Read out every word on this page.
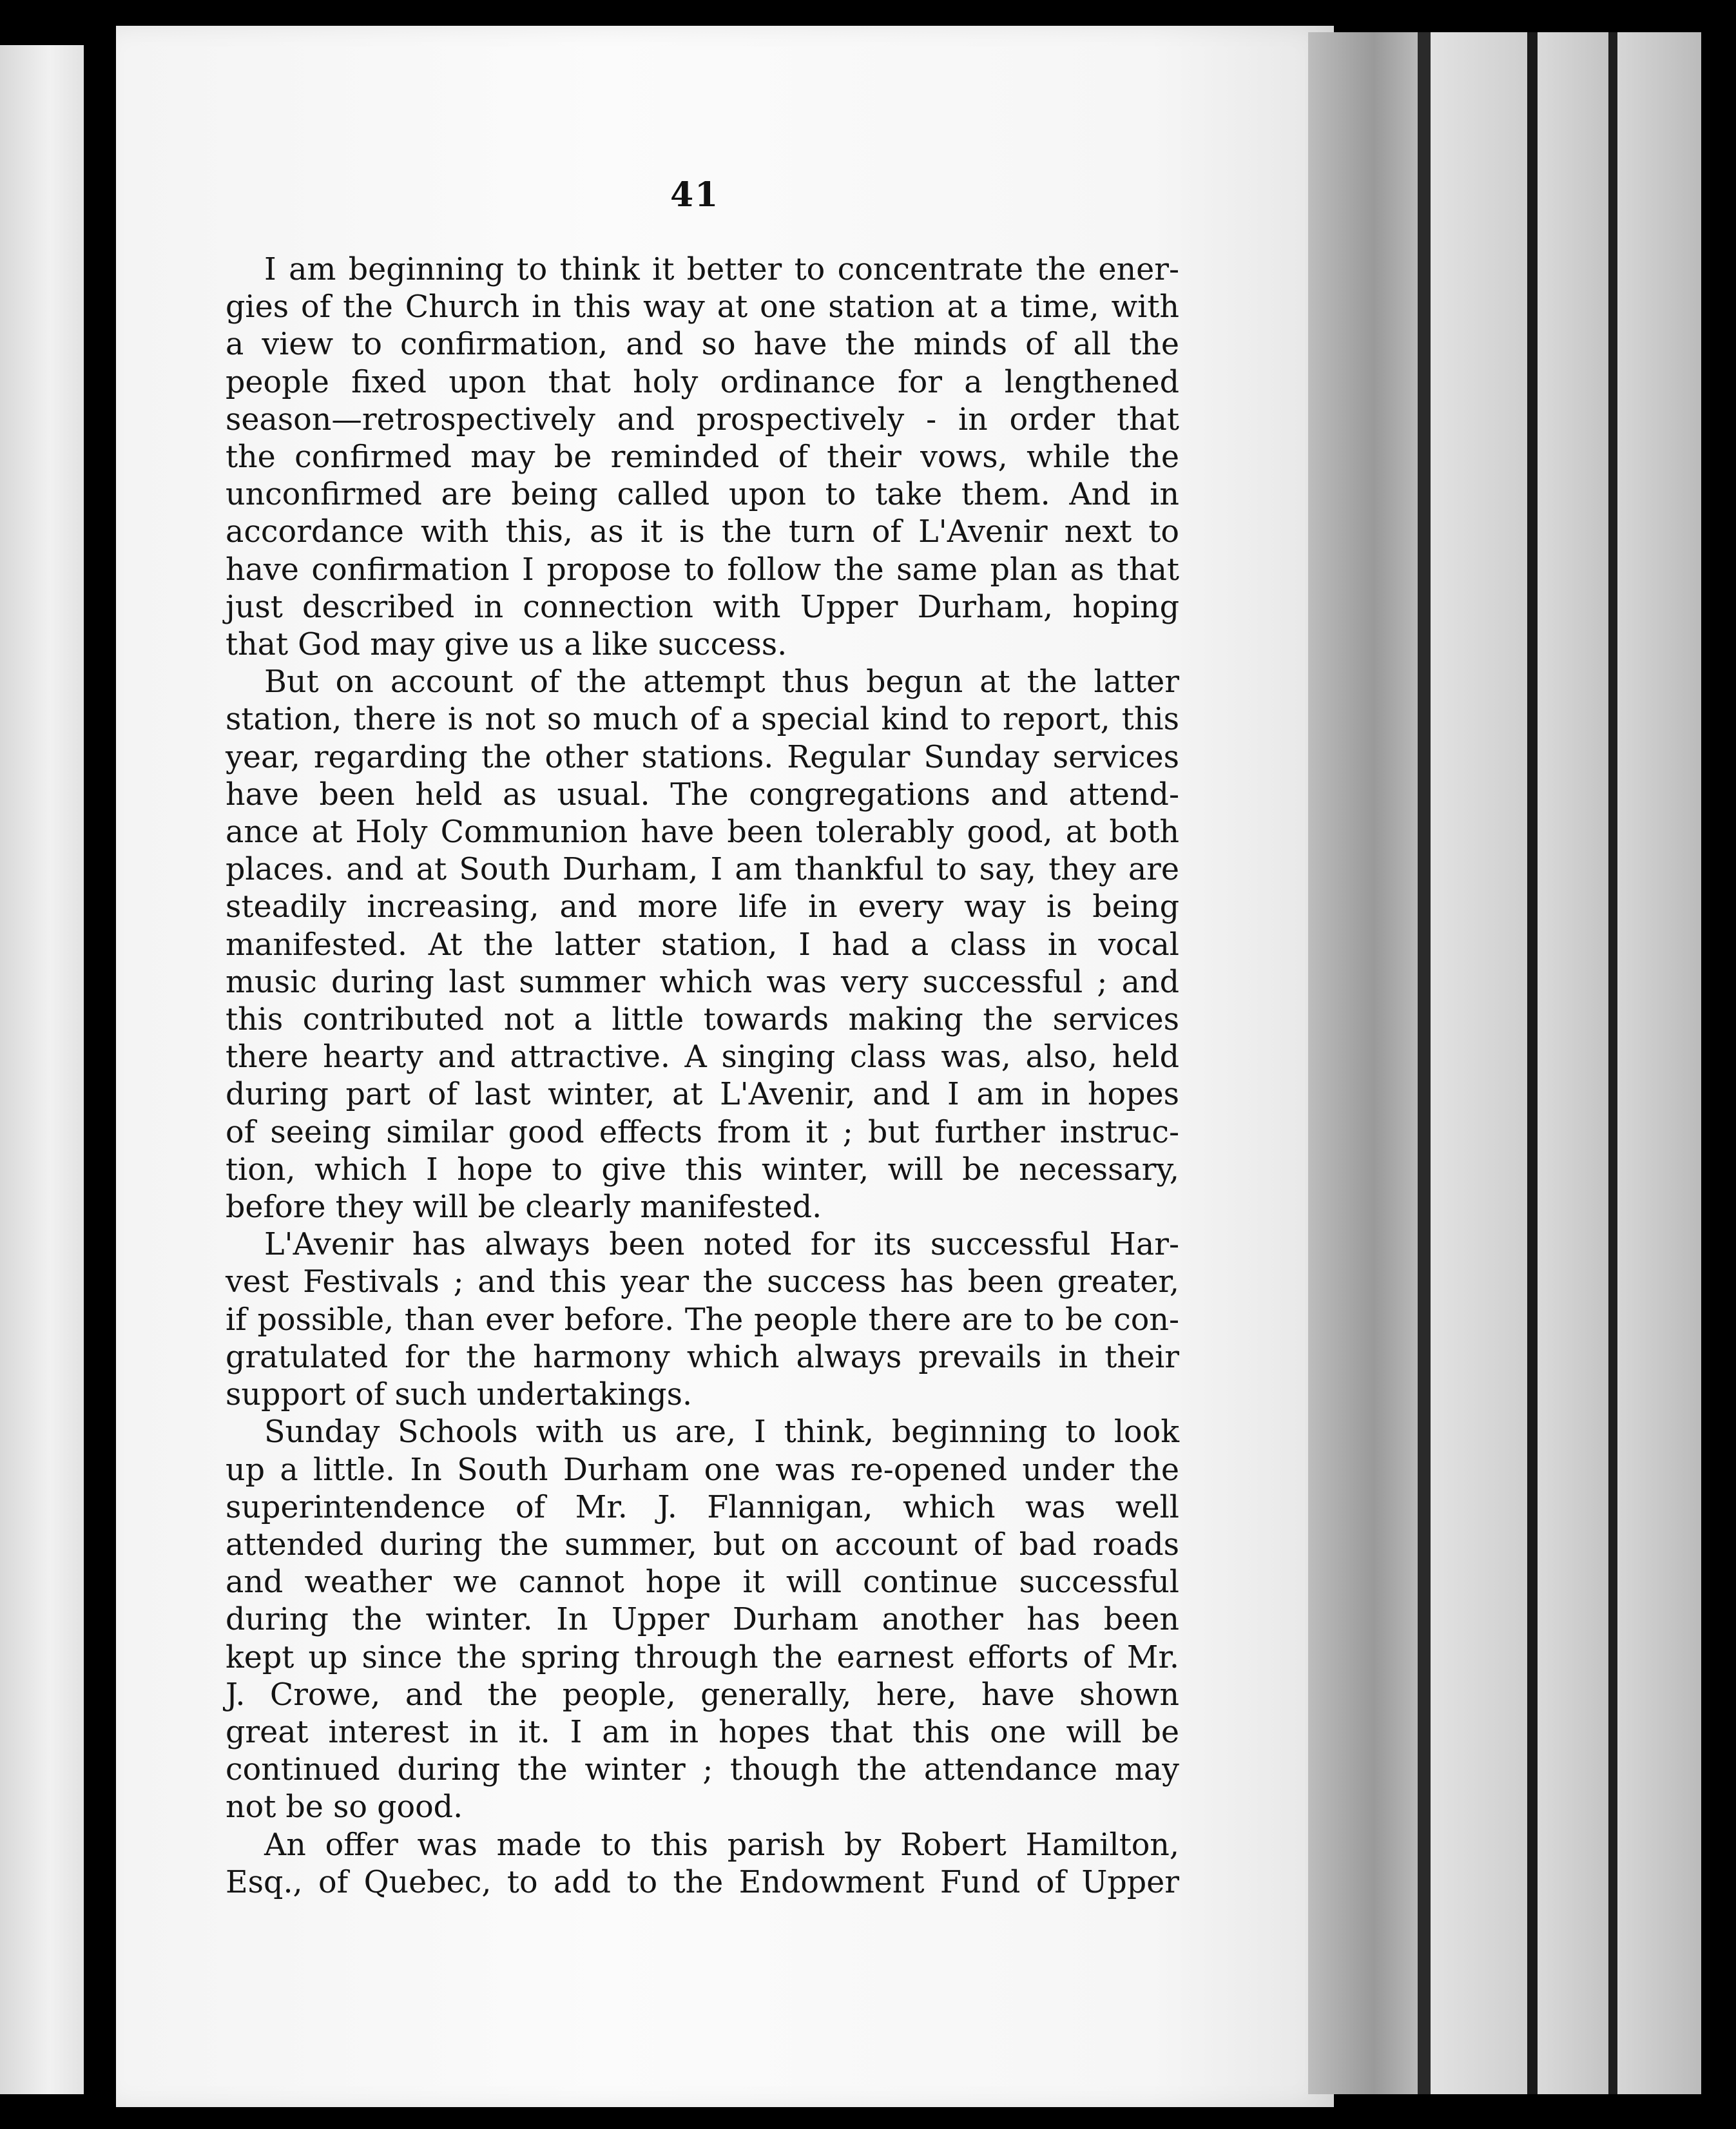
41
I am beginning to think it better to concentrate the ener-
gies of the Church in this way at one station at a time, with
a view to confirmation, and so have the minds of all the
people fixed upon that holy ordinance for a lengthened
season—retrospectively and prospectively - in order that
the confirmed may be reminded of their vows, while the
unconfirmed are being called upon to take them. And in
accordance with this, as it is the turn of L'Avenir next to
have confirmation I propose to follow the same plan as that
just described in connection with Upper Durham, hoping
that God may give us a like success.
But on account of the attempt thus begun at the latter
station, there is not so much of a special kind to report, this
year, regarding the other stations. Regular Sunday services
have been held as usual. The congregations and attend-
ance at Holy Communion have been tolerably good, at both
places. and at South Durham, I am thankful to say, they are
steadily increasing, and more life in every way is being
manifested. At the latter station, I had a class in vocal
music during last summer which was very successful ; and
this contributed not a little towards making the services
there hearty and attractive. A singing class was, also, held
during part of last winter, at L'Avenir, and I am in hopes
of seeing similar good effects from it ; but further instruc-
tion, which I hope to give this winter, will be necessary,
before they will be clearly manifested.
L'Avenir has always been noted for its successful Har-
vest Festivals ; and this year the success has been greater,
if possible, than ever before. The people there are to be con-
gratulated for the harmony which always prevails in their
support of such undertakings.
Sunday Schools with us are, I think, beginning to look
up a little. In South Durham one was re-opened under the
superintendence of Mr. J. Flannigan, which was well
attended during the summer, but on account of bad roads
and weather we cannot hope it will continue successful
during the winter. In Upper Durham another has been
kept up since the spring through the earnest efforts of Mr.
J. Crowe, and the people, generally, here, have shown
great interest in it. I am in hopes that this one will be
continued during the winter ; though the attendance may
not be so good.
An offer was made to this parish by Robert Hamilton,
Esq., of Quebec, to add to the Endowment Fund of Upper
